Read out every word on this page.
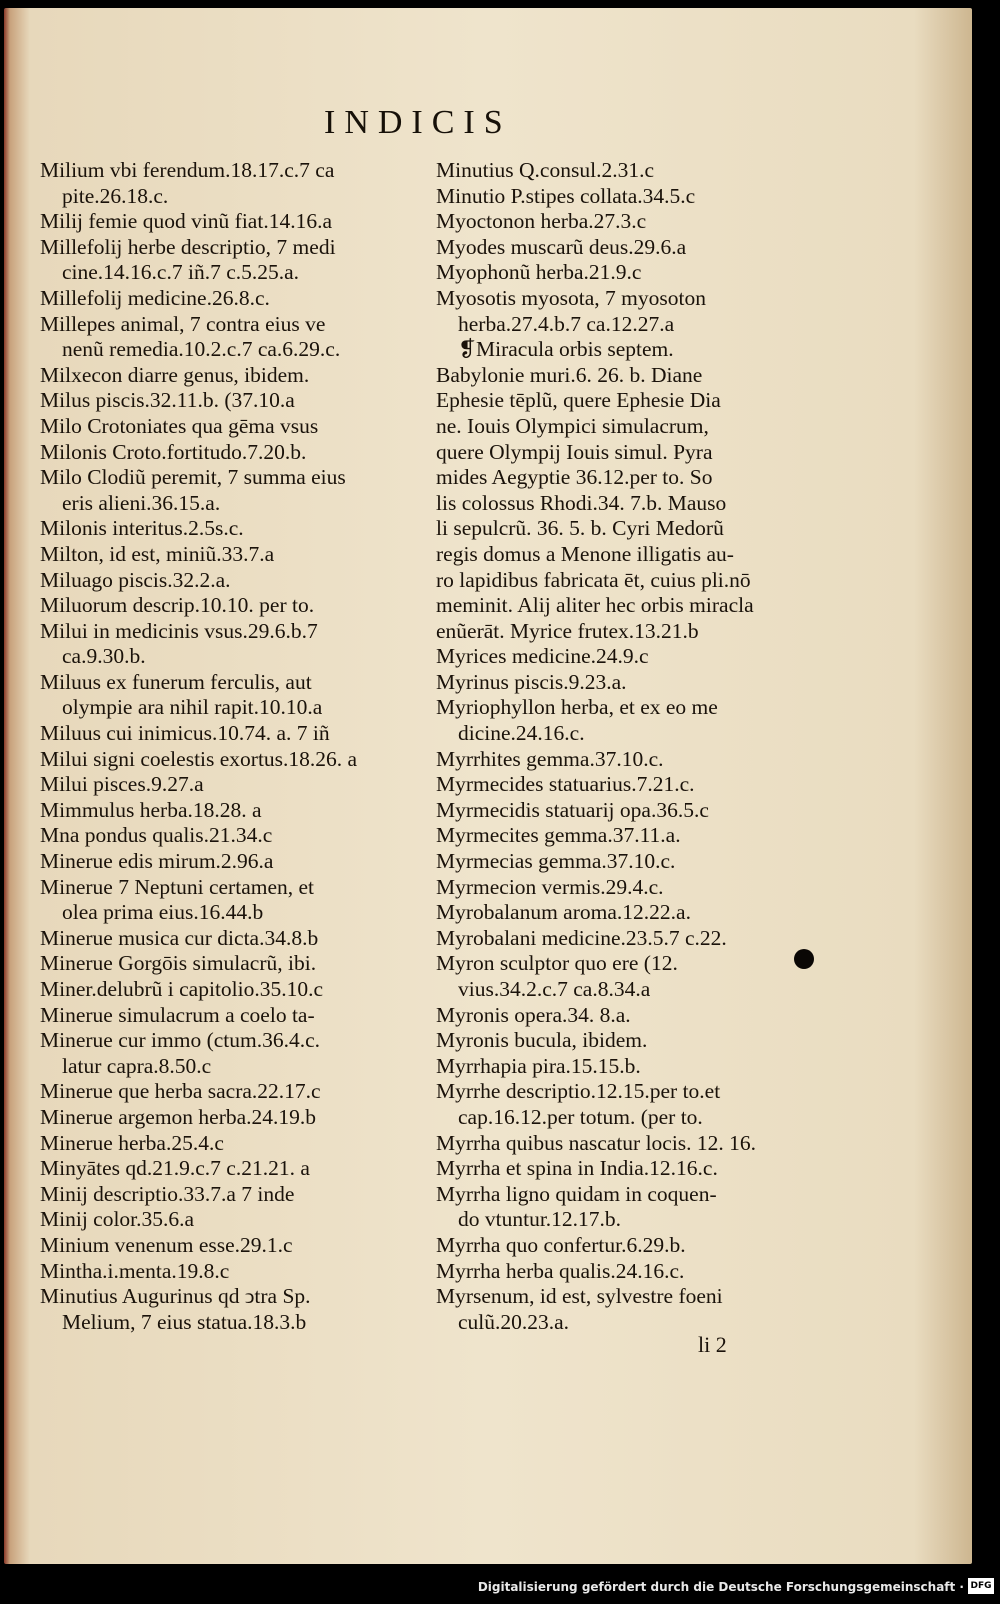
INDICIS
Milium vbi ferendum.18.17.c.7 ca
pite.26.18.c.
Milij femie quod vinũ fiat.14.16.a
Millefolij herbe descriptio, 7 medi
cine.14.16.c.7 iñ.7 c.5.25.a.
Millefolij medicine.26.8.c.
Millepes animal, 7 contra eius ve
nenũ remedia.10.2.c.7 ca.6.29.c.
Milxecon diarre genus, ibidem.
Milus piscis.32.11.b. (37.10.a
Milo Crotoniates qua gēma vsus
Milonis Croto.fortitudo.7.20.b.
Milo Clodiũ peremit, 7 summa eius
eris alieni.36.15.a.
Milonis interitus.2.5s.c.
Milton, id est, miniũ.33.7.a
Miluago piscis.32.2.a.
Miluorum descrip.10.10. per to.
Milui in medicinis vsus.29.6.b.7
ca.9.30.b.
Miluus ex funerum ferculis, aut
olympie ara nihil rapit.10.10.a
Miluus cui inimicus.10.74. a. 7 iñ
Milui signi coelestis exortus.18.26. a
Milui pisces.9.27.a
Mimmulus herba.18.28. a
Mna pondus qualis.21.34.c
Minerue edis mirum.2.96.a
Minerue 7 Neptuni certamen, et
olea prima eius.16.44.b
Minerue musica cur dicta.34.8.b
Minerue Gorgōis simulacrũ, ibi.
Miner.delubrũ i capitolio.35.10.c
Minerue simulacrum a coelo ta-
Minerue cur immo (ctum.36.4.c.
latur capra.8.50.c
Minerue que herba sacra.22.17.c
Minerue argemon herba.24.19.b
Minerue herba.25.4.c
Minyātes qd.21.9.c.7 c.21.21. a
Minij descriptio.33.7.a 7 inde
Minij color.35.6.a
Minium venenum esse.29.1.c
Mintha.i.menta.19.8.c
Minutius Augurinus qd ↄtra Sp.
Melium, 7 eius statua.18.3.b
Minutius Q.consul.2.31.c
Minutio P.stipes collata.34.5.c
Myoctonon herba.27.3.c
Myodes muscarũ deus.29.6.a
Myophonũ herba.21.9.c
Myosotis myosota, 7 myosoton
herba.27.4.b.7 ca.12.27.a
❡Miracula orbis septem.
Babylonie muri.6. 26. b. Diane
Ephesie tēplũ, quere Ephesie Dia
ne. Iouis Olympici simulacrum,
quere Olympij Iouis simul. Pyra
mides Aegyptie 36.12.per to. So
lis colossus Rhodi.34. 7.b. Mauso
li sepulcrũ. 36. 5. b. Cyri Medorũ
regis domus a Menone illigatis au-
ro lapidibus fabricata ēt, cuius pli.nō
meminit. Alij aliter hec orbis miracla
enũerāt. Myrice frutex.13.21.b
Myrices medicine.24.9.c
Myrinus piscis.9.23.a.
Myriophyllon herba, et ex eo me
dicine.24.16.c.
Myrrhites gemma.37.10.c.
Myrmecides statuarius.7.21.c.
Myrmecidis statuarij opa.36.5.c
Myrmecites gemma.37.11.a.
Myrmecias gemma.37.10.c.
Myrmecion vermis.29.4.c.
Myrobalanum aroma.12.22.a.
Myrobalani medicine.23.5.7 c.22.
Myron sculptor quo ere (12.
vius.34.2.c.7 ca.8.34.a
Myronis opera.34. 8.a.
Myronis bucula, ibidem.
Myrrhapia pira.15.15.b.
Myrrhe descriptio.12.15.per to.et
cap.16.12.per totum. (per to.
Myrrha quibus nascatur locis. 12. 16.
Myrrha et spina in India.12.16.c.
Myrrha ligno quidam in coquen-
do vtuntur.12.17.b.
Myrrha quo confertur.6.29.b.
Myrrha herba qualis.24.16.c.
Myrsenum, id est, sylvestre foeni
culũ.20.23.a.
li 2
Digitalisierung gefördert durch die Deutsche Forschungsgemeinschaft · DFG
